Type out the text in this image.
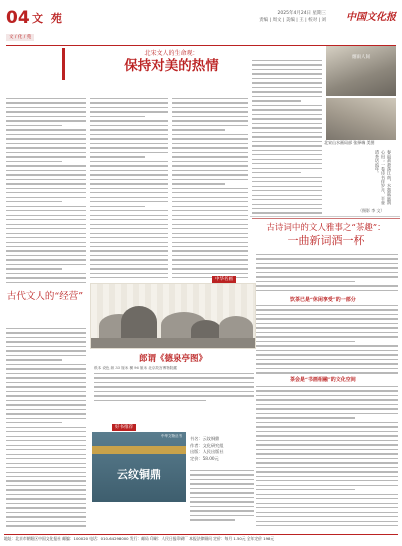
04 文 苑
文 / 化 / 苑
2025年4月24日 星期三
责编 | 周文 | 美编 | 王 | 校对 | 刘 中国文化报
北宋文人的生命观：
保持对美的热情
烟雨人间
北宋山水画局部 张择端 美图
春雨萧萧落江南，水墨氤氲润心田；一卷诗书伴岁月，半壶清茶话流年。
（摄影 李 文）
古诗词中的文人雅事之“茶趣”：
一曲新词酒一杯
饮茶已是“休闲享受”的一部分
茶会是“书画相融”的文化空间
古代文人的“经营”
中华名画
郎谓《德泉亭图》
纸本 设色 纵 33 厘米 横 96 厘米 北京故宫博物院藏
好书推荐
中华文物丛书
云纹铜鼎
书名：云纹铜鼎
作者：文化研究组
出版：人民出版社
定价：58.00元
地址：北京市朝阳区中国文化报社 邮编：100020 电话：010-64298000 发行：邮局 印刷：人民日报印刷厂 本报法律顾问 定价：每月 1.50元 全年定价 198元
